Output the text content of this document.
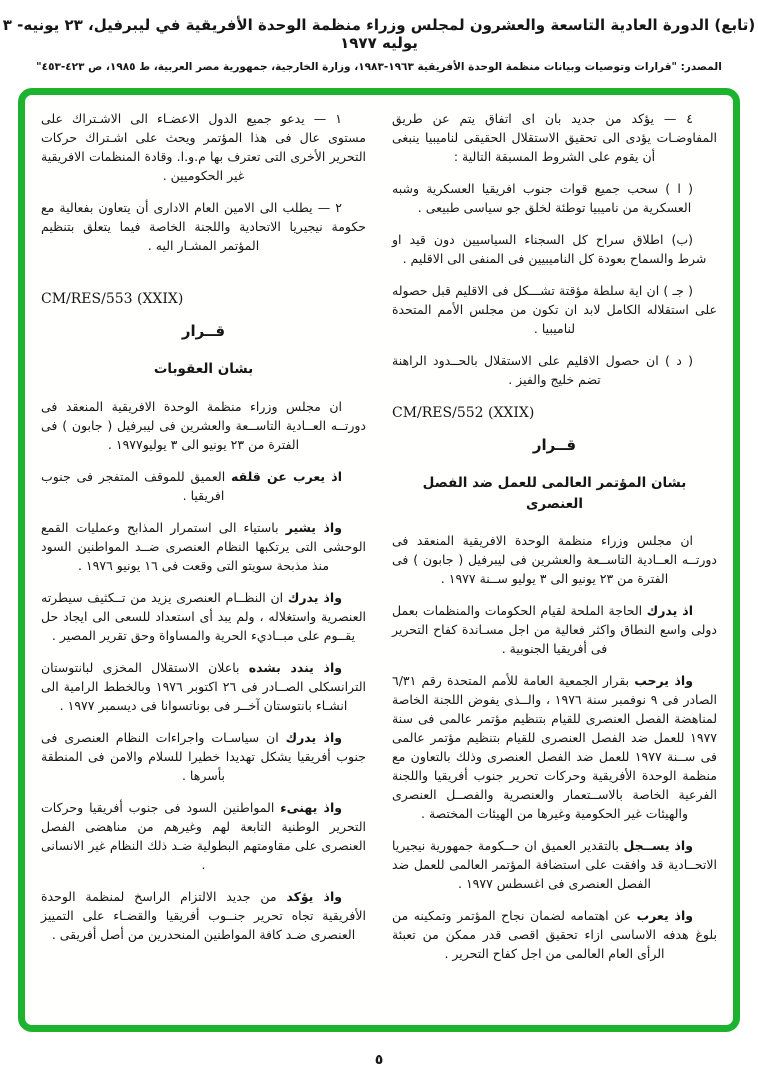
(تابع) الدورة العادية التاسعة والعشرون لمجلس وزراء منظمة الوحدة الأفريقية في ليبرفيل، ٢٣ يونيه- ٣ يوليه ١٩٧٧
المصدر: "قرارات وتوصيات وبيانات منظمة الوحدة الأفريقية ١٩٦٣-١٩٨٣، وزارة الخارجية، جمهورية مصر العربية، ط ١٩٨٥، ص ٤٢٣-٤٥٣"

٤ — يؤكد من جديد بان اى اتفاق يتم عن طريق المفاوضـات يؤدى الى تحقيق الاستقلال الحقيقى لناميبيا ينبغى أن يقوم على الشروط المسبقة التالية :

( ا ) سحب جميع قوات جنوب افريقيا العسكرية وشبه العسكرية من ناميبيا توطئة لخلق جو سياسى طبيعى .

(ب) اطلاق سراح كل السجناء السياسيين دون قيد او شرط والسماح بعودة كل الناميبيين فى المنفى الى الاقليم .

( جـ ) ان اية سلطة مؤقتة تشـــكل فى الاقليم قبل حصوله على استقلاله الكامل لابد ان تكون من مجلس الأمم المتحدة لناميبيا .

( د ) ان حصول الاقليم على الاستقلال بالحــدود الراهنة تضم خليج والفيز .

CM/RES/552 (XXIX)
قــرار
بشان المؤتمر العالمى للعمل ضد الفصل العنصرى

ان مجلس وزراء منظمة الوحدة الافريقية المنعقد فى دورتــه العــادية التاســعة والعشرين فى ليبرفيل ( جابون ) فى الفترة من ٢٣ يونيو الى ٣ يوليو ســنة ١٩٧٧ .

اذ يدرك الحاجة الملحة لقيام الحكومات والمنظمات بعمل دولى واسع النطاق واكثر فعالية من اجل مسـاندة كفاح التحرير فى أفريقيا الجنوبية .

واذ يرحب بقرار الجمعية العامة للأمم المتحدة رقم ٦/٣١ الصادر فى ٩ نوفمبر سنة ١٩٧٦ ، والــذى يفوض اللجنة الخاصة لمناهضة الفصل العنصرى للقيام بتنظيم مؤتمر عالمى فى سنة ١٩٧٧ للعمل ضد الفصل العنصرى للقيام بتنظيم مؤتمر عالمى فى ســنة ١٩٧٧ للعمل ضد الفصل العنصرى وذلك بالتعاون مع منظمة الوحدة الأفريقية وحركات تحرير جنوب أفريقيا واللجنة الفرعية الخاصة بالاســتعمار والعنصرية والفصــل العنصرى والهيئات غير الحكومية وغيرها من الهيئات المختصة .

واذ يســجل بالتقدير العميق ان حــكومة جمهورية نيجيريا الاتحــادية قد وافقت على استضافة المؤتمر العالمى للعمل ضد الفصل العنصرى فى اغسطس ١٩٧٧ .

واذ يعرب عن اهتمامه لضمان نجاح المؤتمر وتمكينه من بلوغ هدفه الاساسى ازاء تحقيق اقصى قدر ممكن من تعبئة الرأى العام العالمى من اجل كفاح التحرير .

١ — يدعو جميع الدول الاعضـاء الى الاشـتراك على مستوى عال فى هذا المؤتمر ويحث على اشـتراك حركات التحرير الأخرى التى تعترف بها م.و.ا. وقادة المنظمات الافريقية غير الحكوميين .

٢ — يطلب الى الامين العام الادارى أن يتعاون بفعالية مع حكومة نيجيريا الاتحادية واللجنة الخاصة فيما يتعلق بتنظيم المؤتمر المشـار اليه .

CM/RES/553 (XXIX)
قــرار
بشان العقوبات

ان مجلس وزراء منظمة الوحدة الافريقية المنعقد فى دورتــه العــادية التاســعة والعشرين فى ليبرفيل ( جابون ) فى الفترة من ٢٣ يونيو الى ٣ يوليو١٩٧٧ .

اذ يعرب عن قلقه العميق للموقف المتفجر فى جنوب افريقيا .

واذ يشير باستياء الى استمرار المذابح وعمليات القمع الوحشى التى يرتكبها النظام العنصرى ضــد المواطنين السود منذ مذبحة سويتو التى وقعت فى ١٦ يونيو ١٩٧٦ .

واذ يدرك ان النظــام العنصرى يزيد من تــكثيف سيطرته العنصرية واستغلاله ، ولم يبد أى استعداد للسعى الى ايجاد حل يقــوم على مبــاديء الحرية والمساواة وحق تقرير المصير .

واذ يندد بشده باعلان الاستقلال المخزى لبانتوستان الترانسكلى الصــادر فى ٢٦ اكتوبر ١٩٧٦ وبالخطط الرامية الى انشـاء بانتوستان آخــر فى بوناتسوانا فى ديسمبر ١٩٧٧ .

واذ يدرك ان سياسـات واجراءات النظام العنصرى فى جنوب أفريقيا يشكل تهديدا خطيرا للسلام والامن فى المنطقة بأسرها .

واذ يهنىء المواطنين السود فى جنوب أفريقيا وحركات التحرير الوطنية التابعة لهم وغيرهم من مناهضى الفصل العنصرى على مقاومتهم البطولية ضـد ذلك النظام غير الانسانى .

واذ يؤكد من جديد الالتزام الراسخ لمنظمة الوحدة الأفريقية تجاه تحرير جنــوب أفريقيا والقضـاء على التمييز العنصرى ضـد كافة المواطنين المنحدرين من أصل أفريقى .

٥
